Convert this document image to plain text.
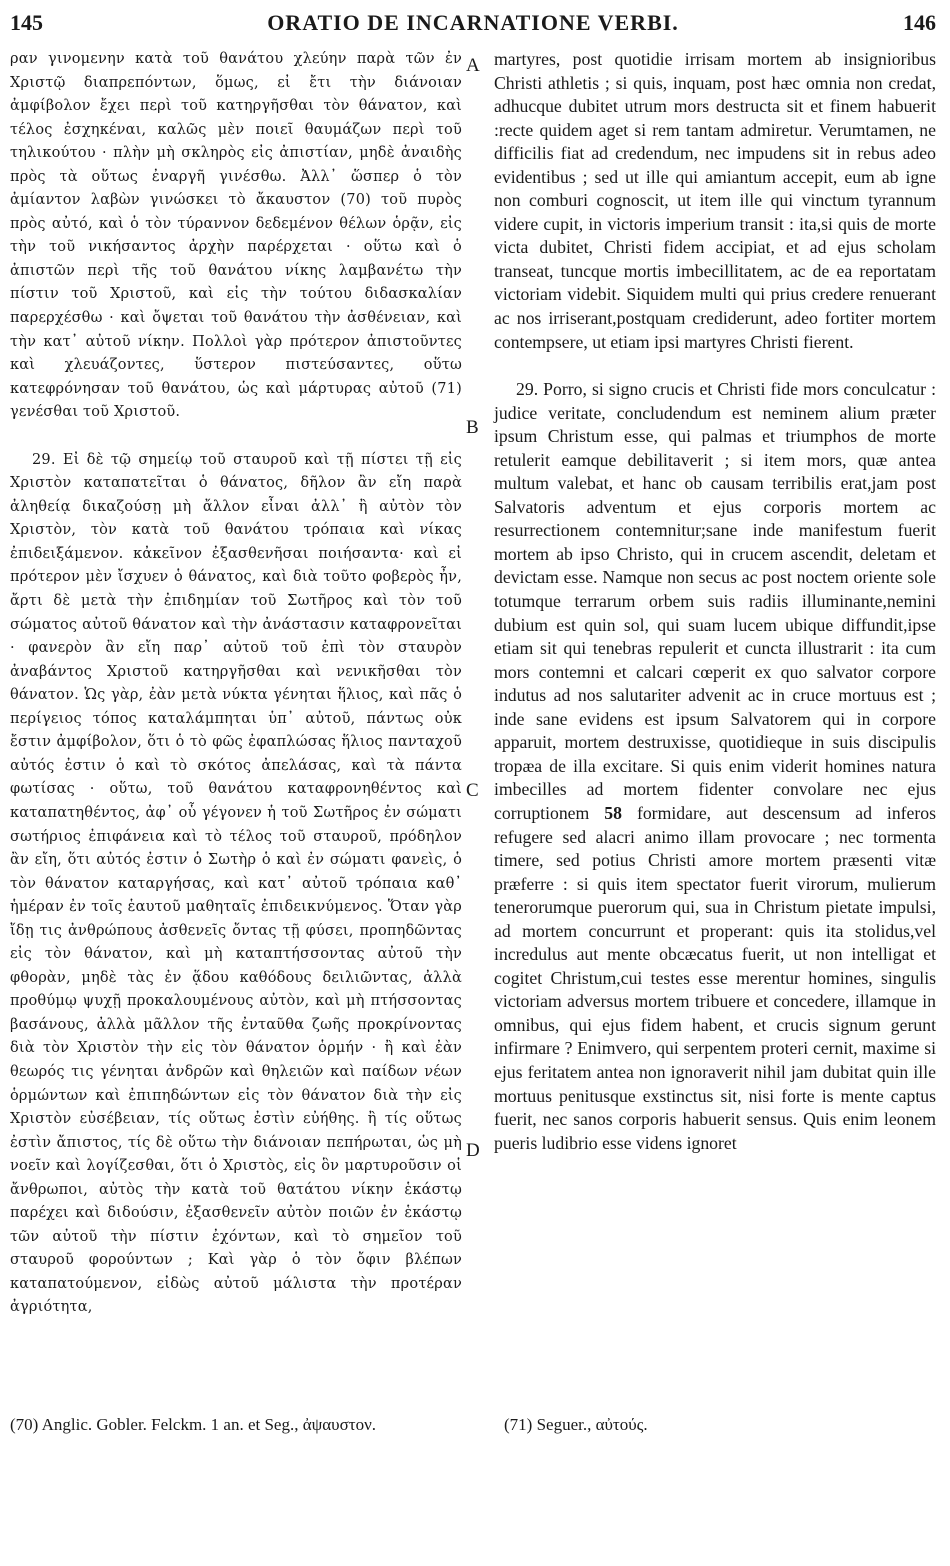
145	ORATIO DE INCARNATIONE VERBI.	146

ραν γινομενην κατὰ τοῦ θανάτου χλεύην παρὰ τῶν ἐν Χριστῷ διαπρεπόντων, ὅμως, εἰ ἔτι τὴν διάνοιαν ἀμφίβολον ἔχει περὶ τοῦ κατηργῆσθαι τὸν θάνατον, καὶ τέλος ἐσχηκέναι, καλῶς μὲν ποιεῖ θαυμάζων περὶ τοῦ τηλικούτου · πλὴν μὴ σκληρὸς εἰς ἀπιστίαν, μηδὲ ἀναιδὴς πρὸς τὰ οὕτως ἐναργῆ γινέσθω. Ἀλλ᾽ ὥσπερ ὁ τὸν ἀμίαντον λαβὼν γινώσκει τὸ ἄκαυστον (70) τοῦ πυρὸς πρὸς αὐτό, καὶ ὁ τὸν τύραννον δεδεμένον θέλων ὁρᾷν, εἰς τὴν τοῦ νικήσαντος ἀρχὴν παρέρχεται · οὕτω καὶ ὁ ἀπιστῶν περὶ τῆς τοῦ θανάτου νίκης λαμβανέτω τὴν πίστιν τοῦ Χριστοῦ, καὶ εἰς τὴν τούτου διδασκαλίαν παρερχέσθω · καὶ ὄψεται τοῦ θανάτου τὴν ἀσθένειαν, καὶ τὴν κατ᾽ αὐτοῦ νίκην. Πολλοὶ γὰρ πρότερον ἀπιστοῦντες καὶ χλευάζοντες, ὕστερον πιστεύσαντες, οὕτω κατεφρόνησαν τοῦ θανάτου, ὡς καὶ μάρτυρας αὐτοῦ (71) γενέσθαι τοῦ Χριστοῦ.

29. Εἰ δὲ τῷ σημείῳ τοῦ σταυροῦ καὶ τῇ πίστει τῇ εἰς Χριστὸν καταπατεῖται ὁ θάνατος, δῆλον ἂν εἴη παρὰ ἀληθείᾳ δικαζούσῃ μὴ ἄλλον εἶναι ἀλλ᾽ ἢ αὐτὸν τὸν Χριστὸν, τὸν κατὰ τοῦ θανάτου τρόπαια καὶ νίκας ἐπιδειξάμενον. κἀκεῖνον ἐξασθενῆσαι ποιήσαντα· καὶ εἰ πρότερον μὲν ἴσχυεν ὁ θάνατος, καὶ διὰ τοῦτο φοβερὸς ἦν, ἄρτι δὲ μετὰ τὴν ἐπιδημίαν τοῦ Σωτῆρος καὶ τὸν τοῦ σώματος αὐτοῦ θάνατον καὶ τὴν ἀνάστασιν καταφρονεῖται · φανερὸν ἂν εἴη παρ᾽ αὐτοῦ τοῦ ἐπὶ τὸν σταυρὸν ἀναβάντος Χριστοῦ κατηργῆσθαι καὶ νενικῆσθαι τὸν θάνατον. Ὡς γὰρ, ἐὰν μετὰ νύκτα γένηται ἥλιος, καὶ πᾶς ὁ περίγειος τόπος καταλάμπηται ὑπ᾽ αὐτοῦ, πάντως οὐκ ἔστιν ἀμφίβολον, ὅτι ὁ τὸ φῶς ἐφαπλώσας ἥλιος πανταχοῦ αὐτός ἐστιν ὁ καὶ τὸ σκότος ἀπελάσας, καὶ τὰ πάντα φωτίσας · οὕτω, τοῦ θανάτου καταφρονηθέντος καὶ καταπατηθέντος, ἀφ᾽ οὗ γέγονεν ἡ τοῦ Σωτῆρος ἐν σώματι σωτήριος ἐπιφάνεια καὶ τὸ τέλος τοῦ σταυροῦ, πρόδηλον ἂν εἴη, ὅτι αὐτός ἐστιν ὁ Σωτὴρ ὁ καὶ ἐν σώματι φανεὶς, ὁ τὸν θάνατον καταργήσας, καὶ κατ᾽ αὐτοῦ τρόπαια καθ᾽ ἡμέραν ἐν τοῖς ἑαυτοῦ μαθηταῖς ἐπιδεικνύμενος. Ὅταν γὰρ ἴδῃ τις ἀνθρώπους ἀσθενεῖς ὄντας τῇ φύσει, προπηδῶντας εἰς τὸν θάνατον, καὶ μὴ καταπτήσσοντας αὐτοῦ τὴν φθορὰν, μηδὲ τὰς ἐν ᾅδου καθόδους δειλιῶντας, ἀλλὰ προθύμῳ ψυχῇ προκαλουμένους αὐτὸν, καὶ μὴ πτήσσοντας βασάνους, ἀλλὰ μᾶλλον τῆς ἐνταῦθα ζωῆς προκρίνοντας διὰ τὸν Χριστὸν τὴν εἰς τὸν θάνατον ὁρμήν · ἢ καὶ ἐὰν θεωρός τις γένηται ἀνδρῶν καὶ θηλειῶν καὶ παίδων νέων ὁρμώντων καὶ ἐπιπηδώντων εἰς τὸν θάνατον διὰ τὴν εἰς Χριστὸν εὐσέβειαν, τίς οὕτως ἐστὶν εὐήθης. ἢ τίς οὕτως ἐστὶν ἄπιστος, τίς δὲ οὕτω τὴν διάνοιαν πεπήρωται, ὡς μὴ νοεῖν καὶ λογίζεσθαι, ὅτι ὁ Χριστὸς, εἰς ὃν μαρτυροῦσιν οἱ ἄνθρωποι, αὐτὸς τὴν κατὰ τοῦ θατάτου νίκην ἑκάστῳ παρέχει καὶ διδούσιν, ἐξασθενεῖν αὐτὸν ποιῶν ἐν ἑκάστῳ τῶν αὐτοῦ τὴν πίστιν ἐχόντων, καὶ τὸ σημεῖον τοῦ σταυροῦ φορούντων ; Καὶ γὰρ ὁ τὸν ὄφιν βλέπων καταπατούμενον, εἰδὼς αὐτοῦ μάλιστα τὴν προτέραν ἀγριότητα,

A
B
C
D

martyres, post quotidie irrisam mortem ab insignioribus Christi athletis ; si quis, inquam, post hæc omnia non credat, adhucque dubitet utrum mors destructa sit et finem habuerit :recte quidem aget si rem tantam admiretur. Verumtamen, ne difficilis fiat ad credendum, nec impudens sit in rebus adeo evidentibus ; sed ut ille qui amiantum accepit, eum ab igne non comburi cognoscit, ut item ille qui vinctum tyrannum videre cupit, in victoris imperium transit : ita,si quis de morte victa dubitet, Christi fidem accipiat, et ad ejus scholam transeat, tuncque mortis imbecillitatem, ac de ea reportatam victoriam videbit. Siquidem multi qui prius credere renuerant ac nos irriserant,postquam crediderunt, adeo fortiter mortem contempsere, ut etiam ipsi martyres Christi fierent.

29. Porro, si signo crucis et Christi fide mors conculcatur : judice veritate, concludendum est neminem alium præter ipsum Christum esse, qui palmas et triumphos de morte retulerit eamque debilitaverit ; si item mors, quæ antea multum valebat, et hanc ob causam terribilis erat,jam post Salvatoris adventum et ejus corporis mortem ac resurrectionem contemnitur;sane inde manifestum fuerit mortem ab ipso Christo, qui in crucem ascendit, deletam et devictam esse. Namque non secus ac post noctem oriente sole totumque terrarum orbem suis radiis illuminante,nemini dubium est quin sol, qui suam lucem ubique diffundit,ipse etiam sit qui tenebras repulerit et cuncta illustrarit : ita cum mors contemni et calcari cœperit ex quo salvator corpore indutus ad nos salutariter advenit ac in cruce mortuus est ; inde sane evidens est ipsum Salvatorem qui in corpore apparuit, mortem destruxisse, quotidieque in suis discipulis tropæa de illa excitare. Si quis enim viderit homines natura imbecilles ad mortem fidenter convolare nec ejus corruptionem 58 formidare, aut descensum ad inferos refugere sed alacri animo illam provocare ; nec tormenta timere, sed potius Christi amore mortem præsenti vitæ præferre : si quis item spectator fuerit virorum, mulierum tenerorumque puerorum qui, sua in Christum pietate impulsi, ad mortem concurrunt et properant: quis ita stolidus,vel incredulus aut mente obcæcatus fuerit, ut non intelligat et cogitet Christum,cui testes esse merentur homines, singulis victoriam adversus mortem tribuere et concedere, illamque in omnibus, qui ejus fidem habent, et crucis signum gerunt infirmare ? Enimvero, qui serpentem proteri cernit, maxime si ejus feritatem antea non ignoraverit nihil jam dubitat quin ille mortuus penitusque exstinctus sit, nisi forte is mente captus fuerit, nec sanos corporis habuerit sensus. Quis enim leonem pueris ludibrio esse videns ignoret

(70) Anglic. Gobler. Felckm. 1 an. et Seg., ἀψαυστον.	(71) Seguer., αὐτούς.
